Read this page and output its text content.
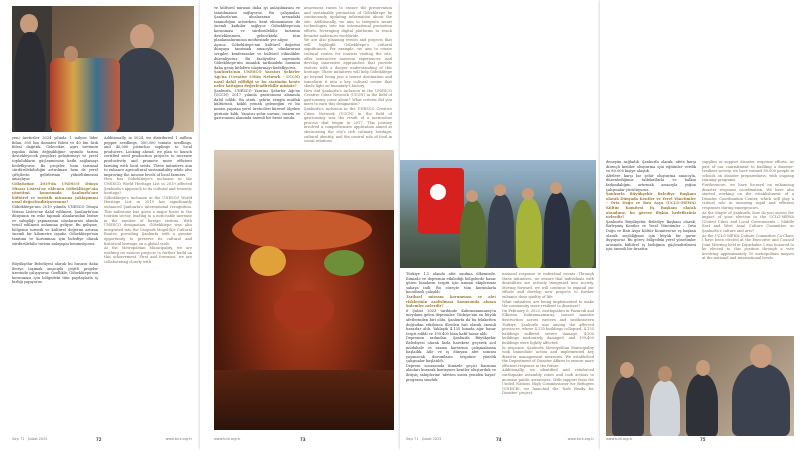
yeni üreticiler 2024 yılında 1 milyon lider fidan, 300 bin domates fidesi ve 40 bin fırık fidesi dağıttık. Gelecekte, aşırı üretimin yapılan iklim değişikliğine uyumlu tarımı destekleyecek projeleri geliştirmeyi ve yerel toplulukların güçlenmesine katkı sağlamayı hedefliyoruz. Bu projeler, hem tarımsal sürdürülebilirliğin artırılması hem de yerel çiftçilerin gelirlerinin yükseltilmesini amaçlıyor.
Gökyüzüne 2019'da UNESCO Dünya Mirası Listesi'ne eklenen Göbeklitepe'nin yönetimi konusunda Şanlıurfa'nın kültürel ve turistik mirasına yaklaşımını nasıl değerlendiriyorsunuz?
Göbeklitepe'nin 2019 yılında UNESCO Dünya Mirası Listesi'ne dahil edilmesi, Şanlıurfa'nın dünyanın en eski tapınak alanlarından birine ev sahipliği yapmasının uluslararası alanda tescil edilmesi anlamına geliyor. Bu gelişme, bölgenin turistik ve kültürel değerini artıran önemli bir kilometre taşıdır. Göbeklitepe'nin tanıtımı ve korunması için belediye olarak sürdürülebilir turizm anlayışını benimsiyoruz.
Büyükşehir Belediyesi olarak bu hususu daha ileriye taşımak amacıyla çeşitli projeler üzerinde çalışıyoruz. Özellikle, Göbeklitepe'nin korunması için bölgedeki tüm paydaşlarla iş birliği yapıyoruz.
Additionally, in 2024, we distributed 1 million pepper seedlings, 300,000 tomato seedlings, and 40,000 pistachio saplings to local producers. Looking ahead, we plan to launch certified seed production projects to increase productivity and promote more efficient farming with local seeds. These initiatives aim to enhance agricultural sustainability while also improving the income levels of local farmers.
How has Göbeklitepe's inclusion in the UNESCO World Heritage List in 2019 affected Şanlıurfa's approach to its cultural and touristic heritage?
Göbeklitepe's inclusion in the UNESCO World Heritage List in 2019 has significantly enhanced Şanlıurfa's international recognition. This milestone has given a major boost to the tourism sector, leading to a noticeable increase in the number of foreign visitors. With UNESCO designation, Göbeklitepe was also integrated into the Geopark Mogul(h)e Cultural Routes, providing Şanlıurfa with a greater opportunity to preserve its cultural and historical heritage on a global scale.
At the Metropolitan Municipality, we are working on various projects to further build on this achievement. First and foremost, we are collaborating closely with
Sayı 71 · Şubat 2025	72	www.turk.org.tr
ve kültürel mirasın daha iyi anlaşılmasını ve tanıtılmasını sağlıyoruz. Bu çalışmalar, Şanlıurfa'nın uluslararası arenadaki tanınırlığını artırırken, kent ekonomisine de önemli katkılar sağlıyor. Göbeklitepe'nin korunması ve sürdürülebilir turizmin desteklenmesi, gelecekteki tüm planlamalarımızın merkezinde yer alıyor.
Ayrıca, Göbeklitepe'nin kültürel değerini dünyaya tanıtmak amacıyla uluslararası sergiler, konferanslar ve kültürel etkinlikler düzenliyoruz. Bu faaliyetler sayesinde Göbeklitepe'nin insanlık tarihindeki önemini daha geniş kitlelere ulaştırmayı hedefliyoruz.
Şanlıurfa'nın UNESCO Yaratıcı Şehirler Ağı'na (Creative Cities Network - UCCN) nasıl dahil edildiği ve bu statünün kente neler kattığını değerlendirebilir misiniz?
Şanlıurfa, UNESCO Yaratıcı Şehirler Ağı'na (UCCN) 2017 yılında gastronomi alanında dahil edildi. Bu statü, şehrin zengin mutfak kültürünü, köklü yemek geleneğini ve bu mirası yaşatan yerel üreticileri küresel ölçekte görünür kıldı. Yaratıcı şehir unvanı, turizm ve gastronomi alanında önemli bir fırsat sundu.
awareness raises to ensure the preservation and sustainable promotion of Göbeklitepe by continuously updating information about the site. Additionally, we aim to integrate smart technologies into our international promotion efforts, leveraging digital platforms to reach broader audiences worldwide.
We are also planning events and projects that will highlight Göbeklitepe's cultural significance. For example, we aim to create cultural routes for tourists visiting the site, offer interactive museum experiences, and develop innovative approaches that provide visitors with a deeper understanding of this heritage. These initiatives will help Göbeklitepe go beyond being just a tourist destination and transform it into a key cultural center that sheds light on humanity's history.
How did Şanlıurfa's inclusion in the UNESCO Creative Cities Network (UCCN) in the field of gastronomy come about? What criteria did you meet to earn this designation?
Şanlıurfa's inclusion in the UNESCO Creative Cities Network (UCCN) in the field of gastronomy was the result of a meticulous process that began in 2017. This journey involved a comprehensive application aimed at showcasing the city's rich culinary heritage, cultural identity, and the central role of food in social relations.
www.turk.org.tr	73
Türkiye 1,1 alanda afet sınıfına ülkemizde. İlimizde ve depremin etkilediği bölgelerde hasar gören binaların tespiti için uzman ekiplerimiz sahaya indi. Bu süreçte tüm kurumlarla koordineli çalışıldı.
Tarihsel mirasın korunması ve afet risklerinin azaltılması konusunda alınan önlemler nelerdir?
6 Şubat 2023 tarihinde Kahramanmaraş'ta meydana gelen depremler, Türkiye'nin en büyük afetlerinden biri oldu. Şanlıurfa da bu felaketten doğrudan etkilenen illerden biri olarak önemli hasarlar aldı. Yaklaşık 4.135 binada ağır hasar tespit edildi ve 199.400 bina hafif hasar aldı.
Depremin ardından, Şanlıurfa Büyükşehir Belediyesi olarak hızla harekete geçerek acil müdahale ve arama kurtarma çalışmalarına başladık. Aile ve iş dünyası afet sonrası yaşanacak durumların tespitine yönelik çalışmalar başlatıldı.
Deprem sonrasında ilimizde geçici barınma alanları kurarak konteyner kentler oluşturduk ve ihtiyaç sahiplerine 'afetten sonra yeniden hayat' programı sunduk.
national response to individual events. Through these initiatives, we ensure that individuals with disabilities are actively integrated into society. Moving forward, we will continue to expand our efforts and develop new projects to further enhance their quality of life.
What initiatives are being implemented to make the community more resilient to disasters?
On February 6, 2023, earthquakes in Pazarcık and Elbistan, Kahramanmaraş, caused massive destruction across eastern and southeastern Türkiye. Şanlıurfa was among the affected provinces, where 4,135 buildings collapsed, 4,135 buildings suffered severe damage, 4,500 buildings moderately damaged, and 199,400 buildings were lightly affected.
In response, Şanlıurfa Metropolitan Municipality took immediate action and implemented key disaster management measures. We established the Department of Disaster Affairs to ensure more efficient response in the future.
Additionally, we identified and reinforced earthquake assembly zones and took actions to increase public awareness. With support from the United Nations High Commissioner for Refugees (UNHCR), we launched the 'Safe Ready for Disaster' project.
Sayı 71 · Şubat 2025	74	www.turk.org.tr
deneyim sağladık. Şanlıurfa olarak, afete karşı dirençli kentler oluşturma için eğitimler verdik ve 80.000 kişiye ulaştık.
Afetlere karşı bir şehir oluşturma amacıyla, düzenlediğimiz tatbikatlarla ve halkın farkındalığını artırmak amacıyla yoğun çalışmalar yürütüyoruz.
Şanlıurfa Büyükşehir Belediye Başkanı olarak Dünyada Kentler ve Yerel Yönetimler – Orta Doğu ve Batı Asya (UCLG-MEWA) Kültür Komitesi Eş Başkanı olarak atandınız, bu göreve ilişkin hedefleriniz nelerdir?
Şanlıurfa Büyükşehir Belediye Başkanı olarak, Birleşmiş Kentler ve Yerel Yönetimler – Orta Doğu ve Batı Asya Kültür Komitesi'ne eş başkan olarak seçildiğimiz için büyük bir gurur duyuyoruz. Bu görev, bölgedeki yerel yönetimler arasında kültürel iş birliğinin güçlendirilmesi için önemli bir fırsattır.
supplies or support disaster response efforts. As part of our commitment to building a disaster-resilient society, we have trained 80,000 people in schools on disaster preparedness, with ongoing training programs.
Furthermore, we have focused on enhancing disaster response coordination. We have also started working on the establishment of a Disaster Coordination Center, which will play a critical role in ensuring rapid and efficient responses during emergencies.
As the Mayor of Şanlıurfa, how do you assess the impact of your election to the UCLG-MEWA (United Cities and Local Governments – Middle East and West Asia) Culture Committee as Şanlıurfa's culture and arts?
As the UCLG-MEWA Culture Committee Co-Chair, I have been elected at the Executive and Council Joint Meeting held in Diyarbakır. I was honored to be elected to this position through a vote involving approximately 30 metropolitan mayors at the national and international levels.
www.turk.org.tr	75
